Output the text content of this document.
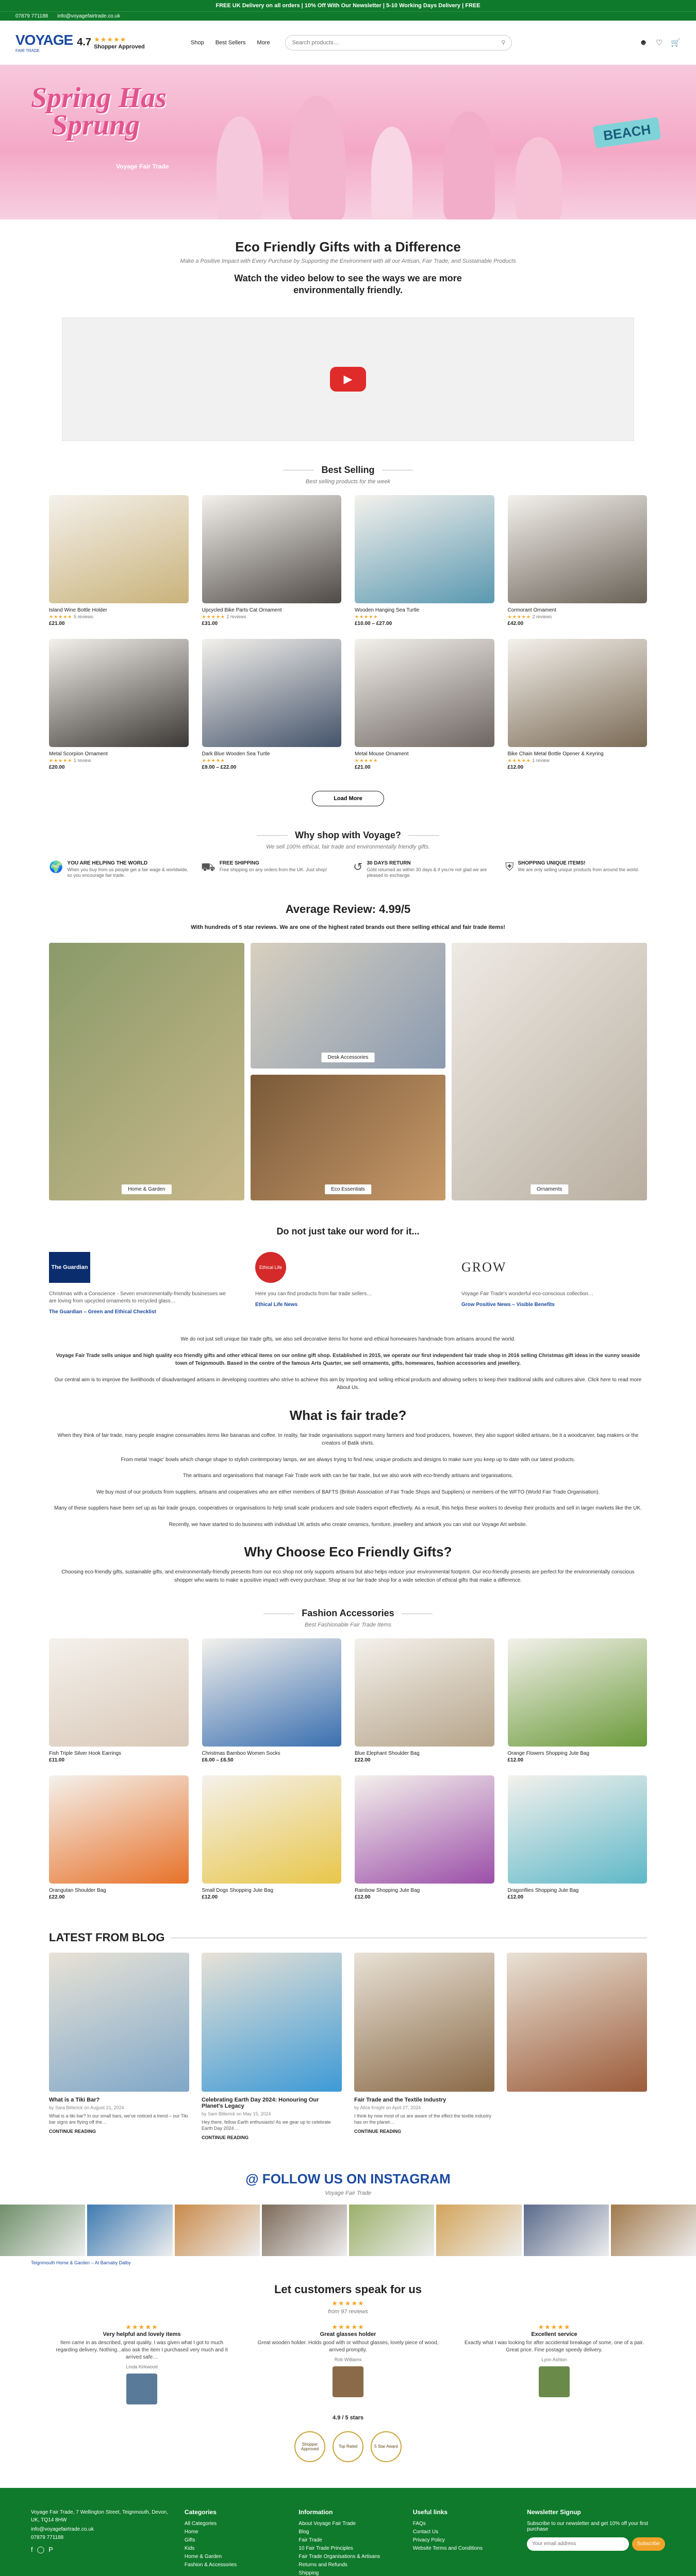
FREE UK Delivery on all orders | 10% Off With Our Newsletter | 5-10 Working Days Delivery | FREE
07879 771188 info@voyagefairtrade.co.uk
VOYAGE
FAIR TRADE
4.7 ★★★★★
Shopper Approved
Shop Best Sellers More
Search products…	⚲	☻ ♡ 🛒
Spring Has
Sprung
Voyage Fair Trade
BEACH
Eco Friendly Gifts with a Difference
Make a Positive Impact with Every Purchase by Supporting the Environment with all our Artisan, Fair Trade, and Sustainable Products
Watch the video below to see the ways we are more environmentally friendly.
▶
Best Selling
Best selling products for the week
Island Wine Bottle Holder
★★★★★ 5 reviews
£21.00
Upcycled Bike Parts Cat Ornament
★★★★★ 2 reviews
£31.00
Wooden Hanging Sea Turtle
★★★★★
£10.00 – £27.00
Cormorant Ornament
★★★★★ 2 reviews
£42.00
Metal Scorpion Ornament
★★★★★ 1 review
£20.00
Dark Blue Wooden Sea Turtle
★★★★★
£9.00 – £22.00
Metal Mouse Ornament
★★★★★
£21.00
Bike Chain Metal Bottle Opener & Keyring
★★★★★ 1 review
£12.00
Load More
Why shop with Voyage?
We sell 100% ethical, fair trade and environmentally friendly gifts.
🌍 YOU ARE HELPING THE WORLD
When you buy from us people get a fair wage & worldwide, so you encourage fair trade.
⛟ FREE SHIPPING
Free shipping on any orders from the UK. Just shop! ↺ 30 DAYS RETURN
Gold returned as within 30 days & if you're not glad we are pleased to exchange.
⛨ SHOPPING UNIQUE ITEMS!
We are only selling unique products from around the world.
Average Review: 4.99/5
With hundreds of 5 star reviews. We are one of the highest rated brands out there selling ethical and fair trade items!
Home & Garden
Desk Accessories
Eco Essentials	Ornaments
Do not just take our word for it...
The Guardian
Christmas with a Conscience - Seven environmentally-friendly businesses we are loving from upcycled ornaments to recycled glass…
The Guardian – Green and Ethical Checklist
Ethical Life
Here you can find products from fair trade sellers…
Ethical Life News
GROW
Voyage Fair Trade's wonderful eco-conscious collection…
Grow Positive News – Visible Benefits
We do not just sell unique fair trade gifts, we also sell decorative items for home and ethical homewares handmade from artisans around the world.
Voyage Fair Trade sells unique and high quality eco friendly gifts and other ethical items on our online gift shop. Established in 2015, we operate our first independent fair trade shop in 2016 selling Christmas gift ideas in the sunny seaside town of Teignmouth. Based in the centre of the famous Arts Quarter, we sell ornaments, gifts, homewares, fashion accessories and jewellery.
Our central aim is to improve the livelihoods of disadvantaged artisans in developing countries who strive to achieve this aim by importing and selling ethical products and allowing sellers to keep their traditional skills and cultures alive. Click here to read more About Us.
What is fair trade?
When they think of fair trade, many people imagine consumables items like bananas and coffee. In reality, fair trade organisations support many farmers and food producers, however, they also support skilled artisans, be it a woodcarver, bag makers or the creators of Batik shirts.
From metal 'magic' bowls which change shape to stylish contemporary lamps, we are always trying to find new, unique products and designs to make sure you keep up to date with our latest products.
The artisans and organisations that manage Fair Trade work with can be fair trade, but we also work with eco-friendly artisans and organisations.
We buy most of our products from suppliers, artisans and cooperatives who are either members of BAFTS (British Association of Fair Trade Shops and Suppliers) or members of the WFTO (World Fair Trade Organisation).
Many of these suppliers have been set up as fair trade groups, cooperatives or organisations to help small scale producers and sole traders export effectively. As a result, this helps these workers to develop their products and sell in larger markets like the UK.
Recently, we have started to do business with individual UK artists who create ceramics, furniture, jewellery and artwork you can visit our Voyage Art website.
Why Choose Eco Friendly Gifts?
Choosing eco-friendly gifts, sustainable gifts, and environmentally-friendly presents from our eco shop not only supports artisans but also helps reduce your environmental footprint. Our eco-friendly presents are perfect for the environmentally conscious shopper who wants to make a positive impact with every purchase. Shop at our fair trade shop for a wide selection of ethical gifts that make a difference.
Fashion Accessories
Best Fashionable Fair Trade Items
Fish Triple Silver Hook Earrings
£11.00
Christmas Bamboo Women Socks
£6.00 – £6.50
Blue Elephant Shoulder Bag
£22.00
Orange Flowers Shopping Jute Bag
£12.00
Orangutan Shoulder Bag
£22.00
Small Dogs Shopping Jute Bag
£12.00
Rainbow Shopping Jute Bag
£12.00
Dragonflies Shopping Jute Bag
£12.00
LATEST FROM BLOG
What is a Tiki Bar?
by Sara Bitterick on August 21, 2024
What is a tiki bar? In our small bars, we've noticed a trend – our Tiki bar signs are flying off the…
CONTINUE READING
Celebrating Earth Day 2024: Honouring Our Planet's Legacy
by Sam Bitterick on May 15, 2024
Hey there, fellow Earth enthusiasts! As we gear up to celebrate Earth Day 2024…
CONTINUE READING
Fair Trade and the Textile Industry
by Alice Knight on April 27, 2024
I think by now most of us are aware of the effect the textile industry has on the planet…
CONTINUE READING
@ FOLLOW US ON INSTAGRAM
Voyage Fair Trade
Teignmouth Home & Garden – At Barnaby Dalby
Let customers speak for us
★★★★★
from 97 reviews
★★★★★
Very helpful and lovely items
Item came in as described, great quality. I was given what I got to much regarding delivery. Nothing...also ask the item I purchased very much and it arrived safe…
Linda Kirkwood
★★★★★
Great glasses holder
Great wooden holder. Holds good with or without glasses, lovely piece of wood, arrived promptly.
Rob Williams
★★★★★
Excellent service
Exactly what I was looking for after accidental breakage of some, one of a pair. Great price. Fine postage speedy delivery.
Lynn Ashton
4.9 / 5 stars
Shopper Approved	Top Rated	5 Star Award
Voyage Fair Trade, 7 Wellington Street, Teignmouth, Devon, UK, TQ14 8HW
info@voyagefairtrade.co.uk
07879 771188
f ◯ P
Categories
All Categories
Home
Gifts
Kids
Home & Garden
Fashion & Accessories
Information
About Voyage Fair Trade
Blog
Fair Trade
10 Fair Trade Principles
Fair Trade Organisations & Artisans
Returns and Refunds
Shipping
Useful links
FAQs
Contact Us
Privacy Policy
Website Terms and Conditions
Newsletter Signup
Subscribe to our newsletter and get 10% off your first purchase
Your email address
Subscribe
